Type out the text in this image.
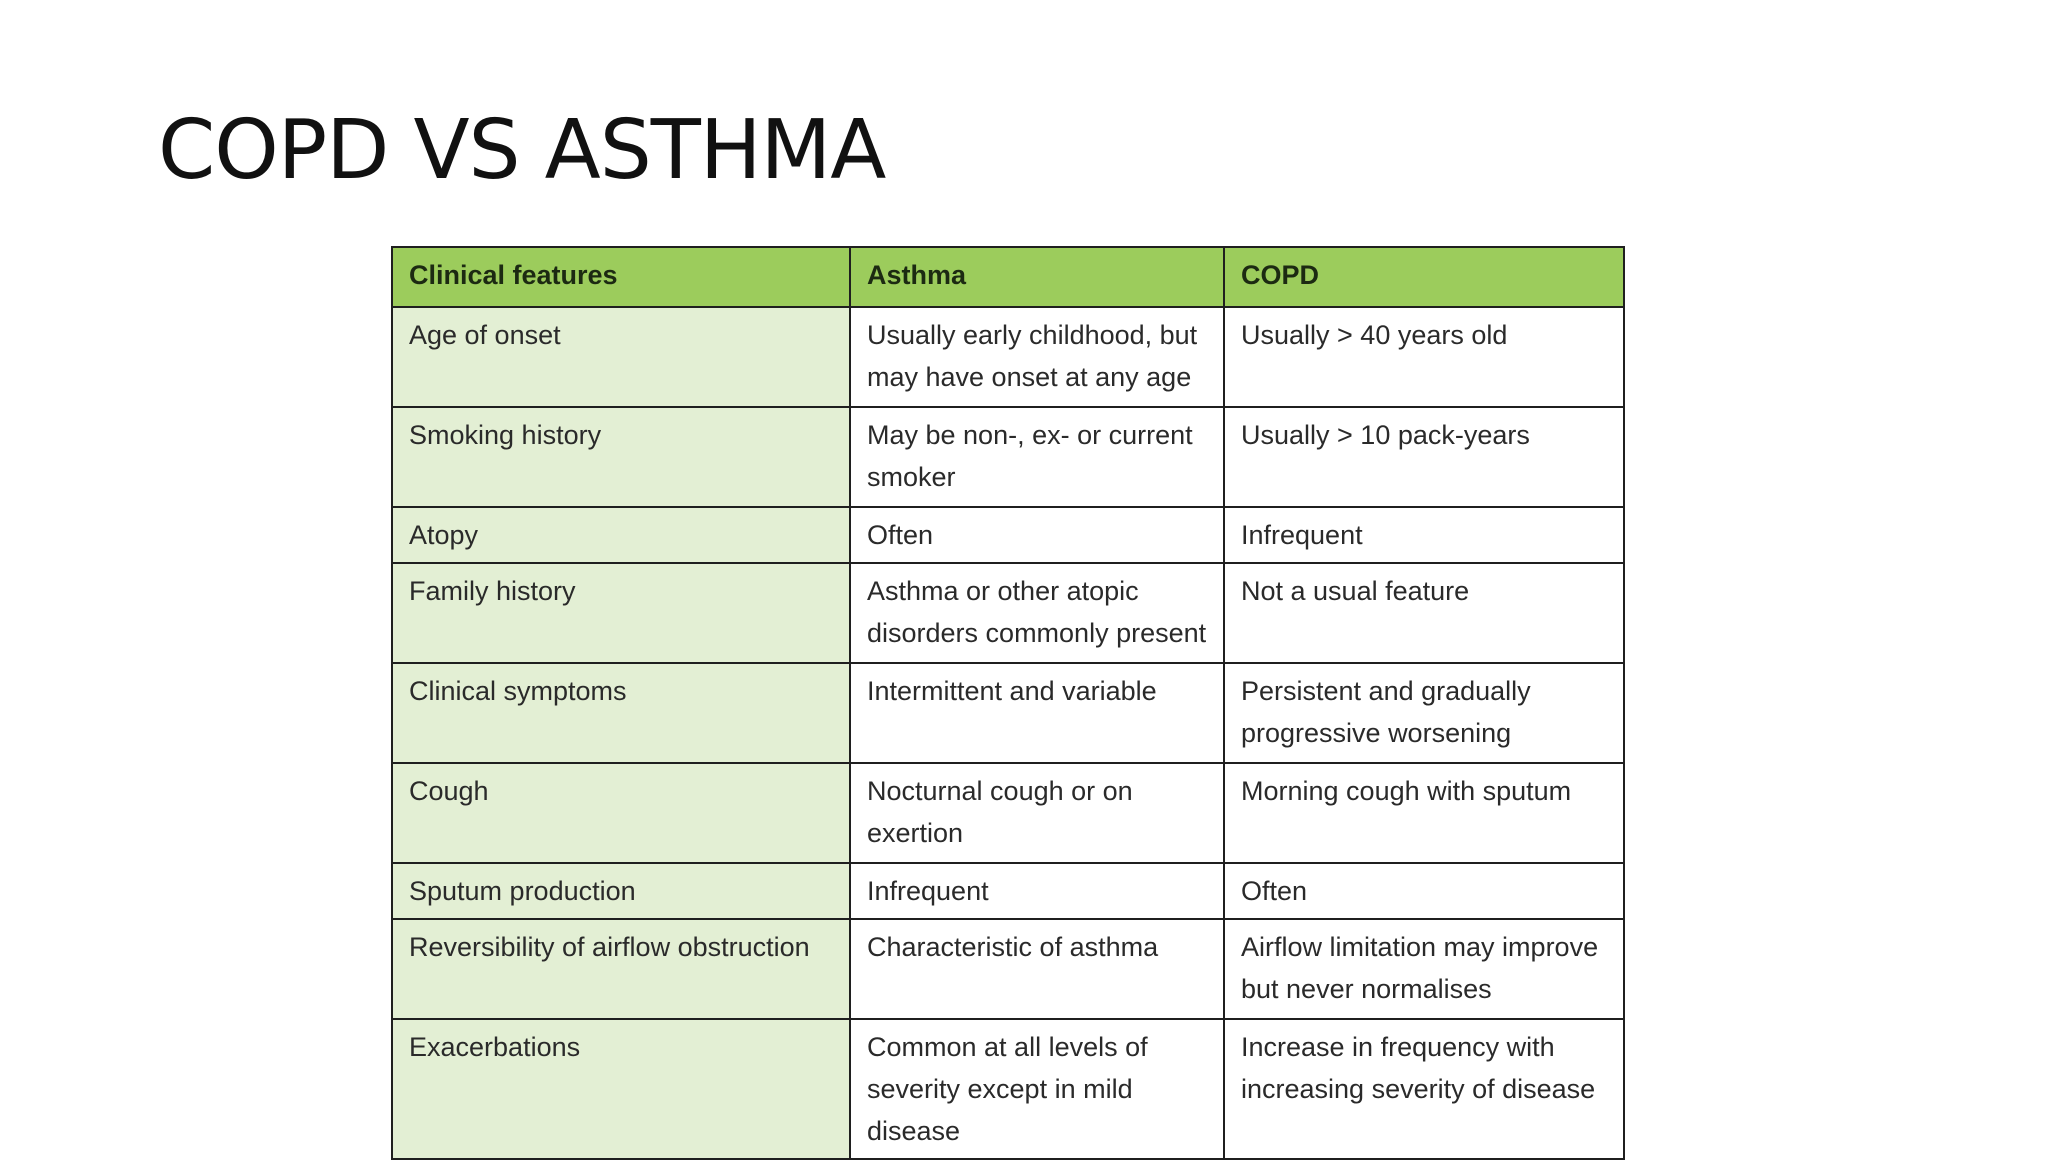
COPD VS ASTHMA
Clinical features	Asthma	COPD
Age of onset	Usually early childhood, but may have onset at any age	Usually > 40 years old
Smoking history	May be non-, ex- or current smoker	Usually > 10 pack-years
Atopy	Often	Infrequent
Family history	Asthma or other atopic disorders commonly present	Not a usual feature
Clinical symptoms	Intermittent and variable	Persistent and gradually progressive worsening
Cough	Nocturnal cough or on exertion	Morning cough with sputum
Sputum production	Infrequent	Often
Reversibility of airflow obstruction	Characteristic of asthma	Airflow limitation may improve but never normalises
Exacerbations	Common at all levels of severity except in mild disease	Increase in frequency with increasing severity of disease
